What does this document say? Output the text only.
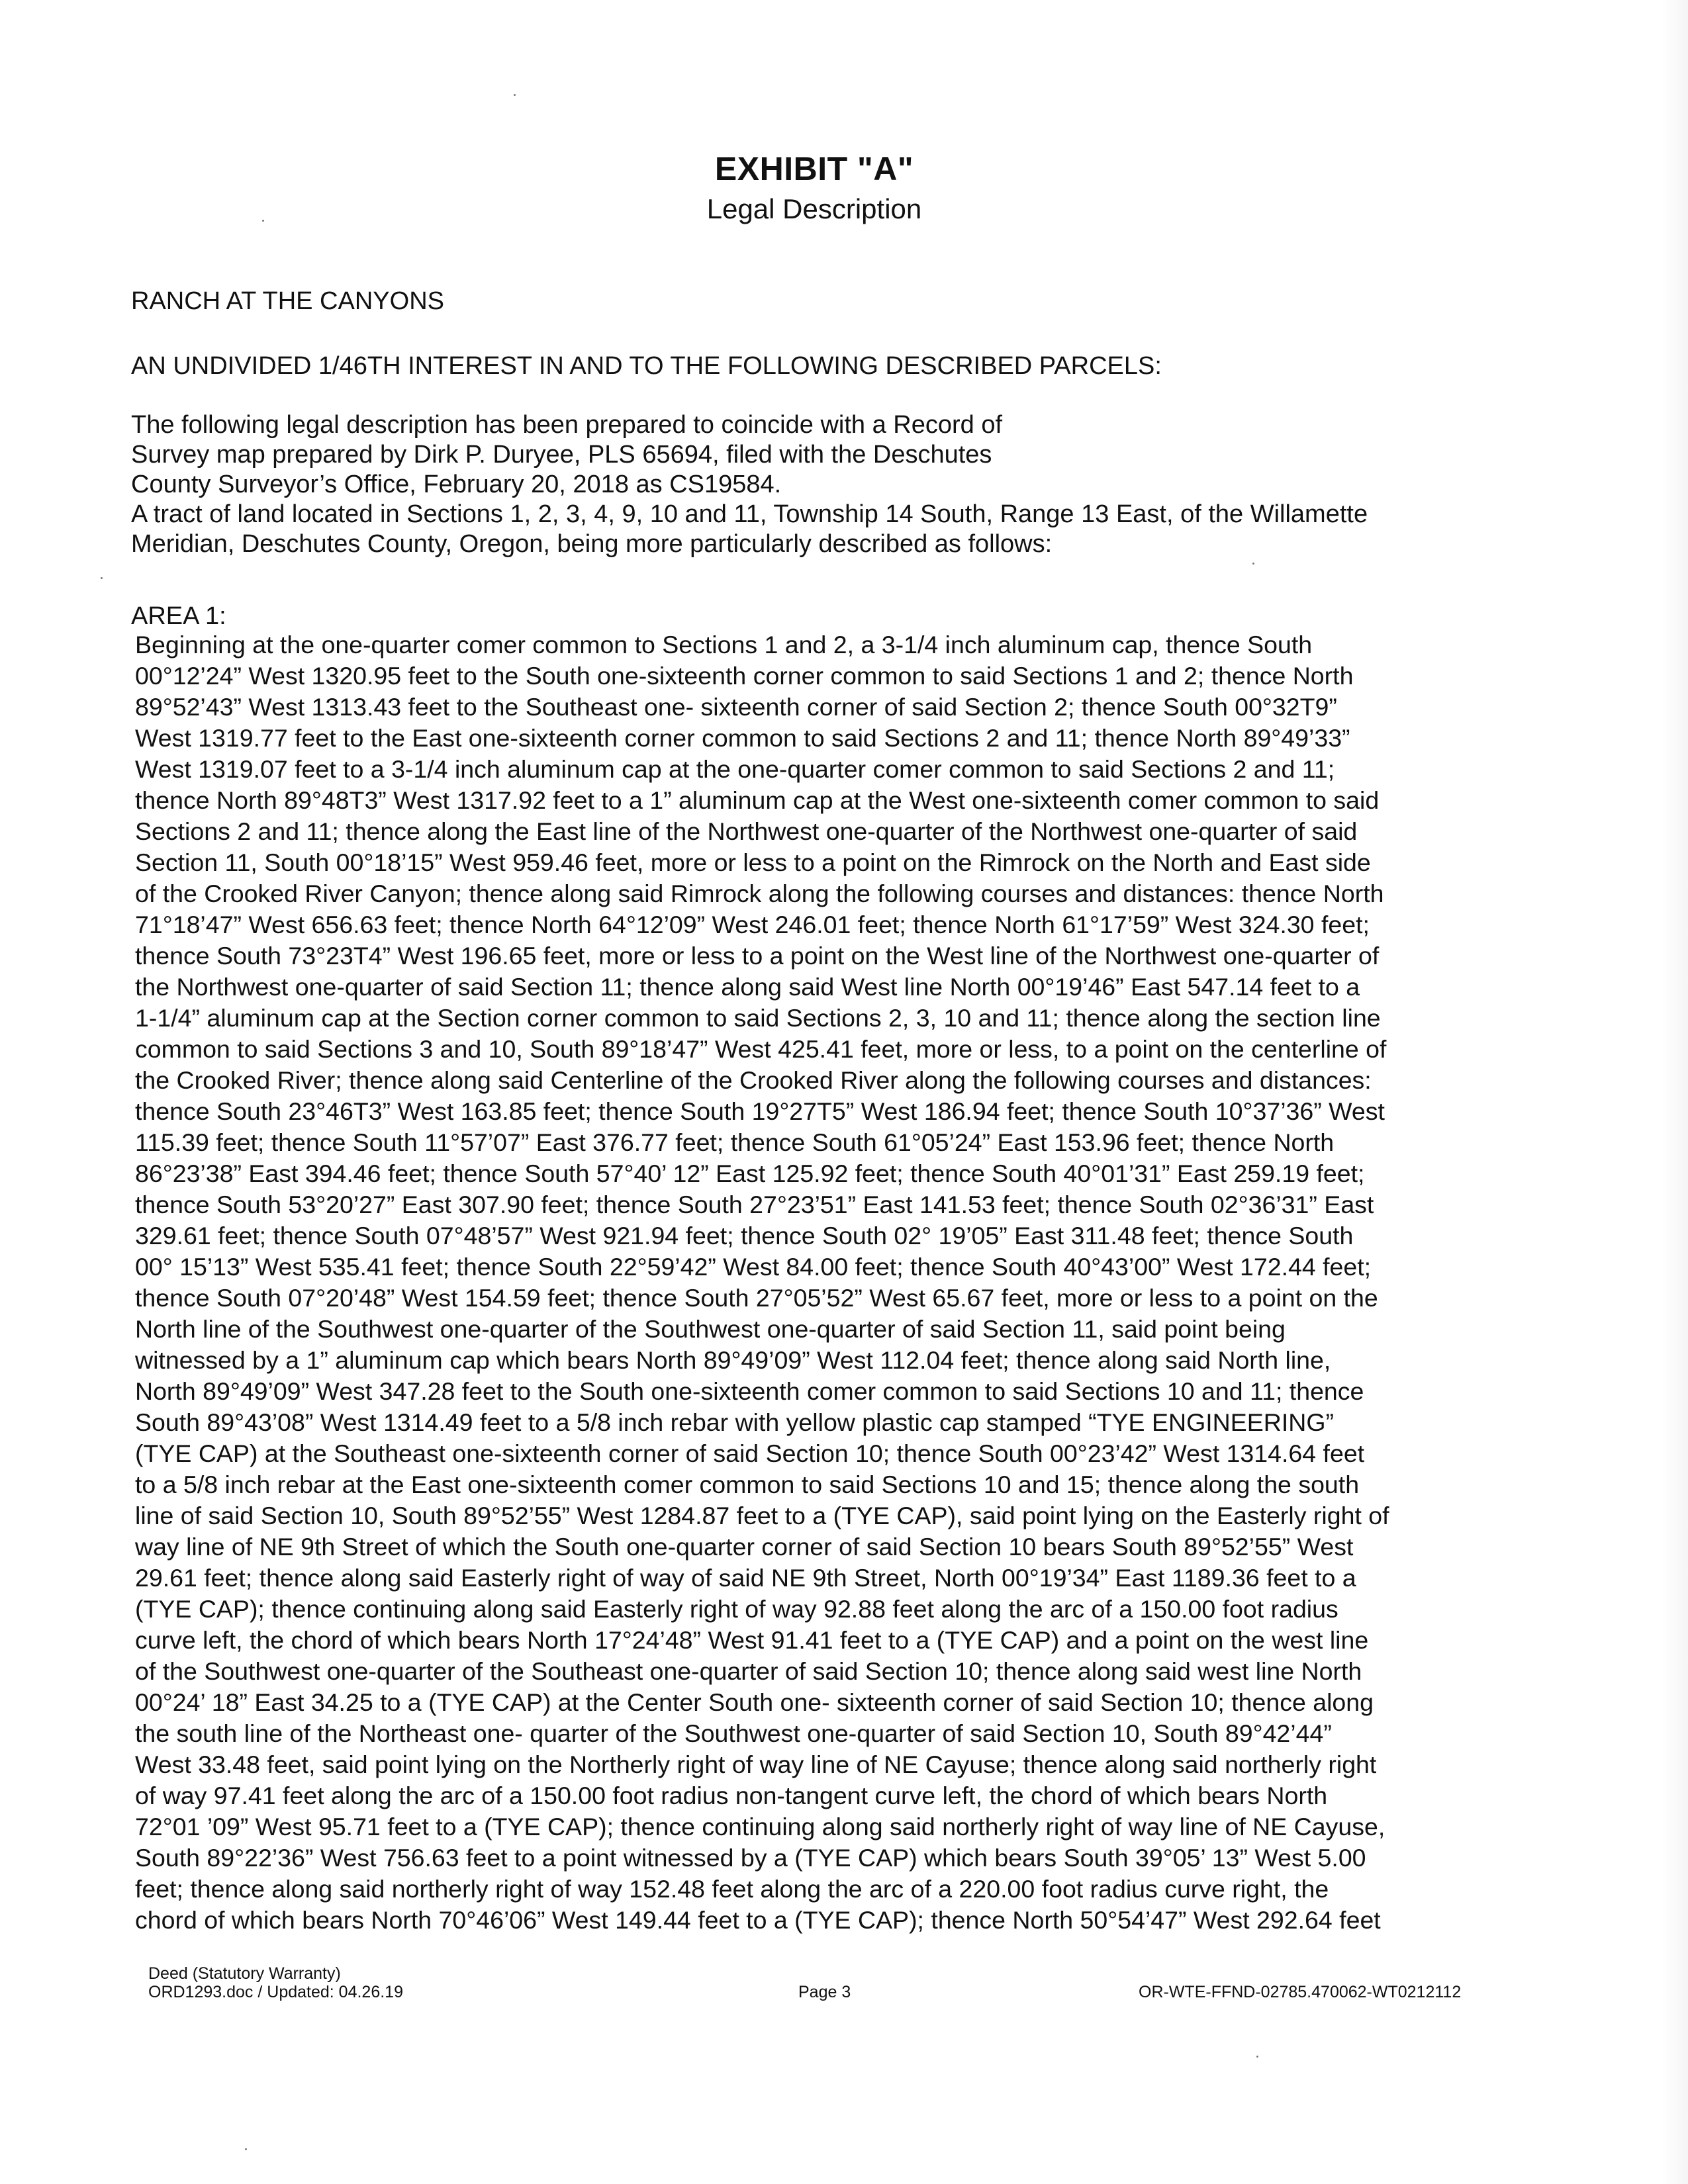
EXHIBIT "A"
Legal Description
RANCH AT THE CANYONS
AN UNDIVIDED 1/46TH INTEREST IN AND TO THE FOLLOWING DESCRIBED PARCELS:
The following legal description has been prepared to coincide with a Record of
Survey map prepared by Dirk P. Duryee, PLS 65694, filed with the Deschutes
County Surveyor’s Office, February 20, 2018 as CS19584.
A tract of land located in Sections 1, 2, 3, 4, 9, 10 and 11, Township 14 South, Range 13 East, of the Willamette
Meridian, Deschutes County, Oregon, being more particularly described as follows:
AREA 1:
Beginning at the one-quarter comer common to Sections 1 and 2, a 3-1/4 inch aluminum cap, thence South
00°12’24” West 1320.95 feet to the South one-sixteenth corner common to said Sections 1 and 2; thence North
89°52’43” West 1313.43 feet to the Southeast one- sixteenth corner of said Section 2; thence South 00°32T9”
West 1319.77 feet to the East one-sixteenth corner common to said Sections 2 and 11; thence North 89°49’33”
West 1319.07 feet to a 3-1/4 inch aluminum cap at the one-quarter comer common to said Sections 2 and 11;
thence North 89°48T3” West 1317.92 feet to a 1” aluminum cap at the West one-sixteenth comer common to said
Sections 2 and 11; thence along the East line of the Northwest one-quarter of the Northwest one-quarter of said
Section 11, South 00°18’15” West 959.46 feet, more or less to a point on the Rimrock on the North and East side
of the Crooked River Canyon; thence along said Rimrock along the following courses and distances: thence North
71°18’47” West 656.63 feet; thence North 64°12’09” West 246.01 feet; thence North 61°17’59” West 324.30 feet;
thence South 73°23T4” West 196.65 feet, more or less to a point on the West line of the Northwest one-quarter of
the Northwest one-quarter of said Section 11; thence along said West line North 00°19’46” East 547.14 feet to a
1-1/4” aluminum cap at the Section corner common to said Sections 2, 3, 10 and 11; thence along the section line
common to said Sections 3 and 10, South 89°18’47” West 425.41 feet, more or less, to a point on the centerline of
the Crooked River; thence along said Centerline of the Crooked River along the following courses and distances:
thence South 23°46T3” West 163.85 feet; thence South 19°27T5” West 186.94 feet; thence South 10°37’36” West
115.39 feet; thence South 11°57’07” East 376.77 feet; thence South 61°05’24” East 153.96 feet; thence North
86°23’38” East 394.46 feet; thence South 57°40’ 12” East 125.92 feet; thence South 40°01’31” East 259.19 feet;
thence South 53°20’27” East 307.90 feet; thence South 27°23’51” East 141.53 feet; thence South 02°36’31” East
329.61 feet; thence South 07°48’57” West 921.94 feet; thence South 02° 19’05” East 311.48 feet; thence South
00° 15’13” West 535.41 feet; thence South 22°59’42” West 84.00 feet; thence South 40°43’00” West 172.44 feet;
thence South 07°20’48” West 154.59 feet; thence South 27°05’52” West 65.67 feet, more or less to a point on the
North line of the Southwest one-quarter of the Southwest one-quarter of said Section 11, said point being
witnessed by a 1” aluminum cap which bears North 89°49’09” West 112.04 feet; thence along said North line,
North 89°49’09” West 347.28 feet to the South one-sixteenth comer common to said Sections 10 and 11; thence
South 89°43’08” West 1314.49 feet to a 5/8 inch rebar with yellow plastic cap stamped “TYE ENGINEERING”
(TYE CAP) at the Southeast one-sixteenth corner of said Section 10; thence South 00°23’42” West 1314.64 feet
to a 5/8 inch rebar at the East one-sixteenth comer common to said Sections 10 and 15; thence along the south
line of said Section 10, South 89°52’55” West 1284.87 feet to a (TYE CAP), said point lying on the Easterly right of
way line of NE 9th Street of which the South one-quarter corner of said Section 10 bears South 89°52’55” West
29.61 feet; thence along said Easterly right of way of said NE 9th Street, North 00°19’34” East 1189.36 feet to a
(TYE CAP); thence continuing along said Easterly right of way 92.88 feet along the arc of a 150.00 foot radius
curve left, the chord of which bears North 17°24’48” West 91.41 feet to a (TYE CAP) and a point on the west line
of the Southwest one-quarter of the Southeast one-quarter of said Section 10; thence along said west line North
00°24’ 18” East 34.25 to a (TYE CAP) at the Center South one- sixteenth corner of said Section 10; thence along
the south line of the Northeast one- quarter of the Southwest one-quarter of said Section 10, South 89°42’44”
West 33.48 feet, said point lying on the Northerly right of way line of NE Cayuse; thence along said northerly right
of way 97.41 feet along the arc of a 150.00 foot radius non-tangent curve left, the chord of which bears North
72°01 ’09” West 95.71 feet to a (TYE CAP); thence continuing along said northerly right of way line of NE Cayuse,
South 89°22’36” West 756.63 feet to a point witnessed by a (TYE CAP) which bears South 39°05’ 13” West 5.00
feet; thence along said northerly right of way 152.48 feet along the arc of a 220.00 foot radius curve right, the
chord of which bears North 70°46’06” West 149.44 feet to a (TYE CAP); thence North 50°54’47” West 292.64 feet
Deed (Statutory Warranty)
ORD1293.doc / Updated: 04.26.19	Page 3	OR-WTE-FFND-02785.470062-WT0212112
